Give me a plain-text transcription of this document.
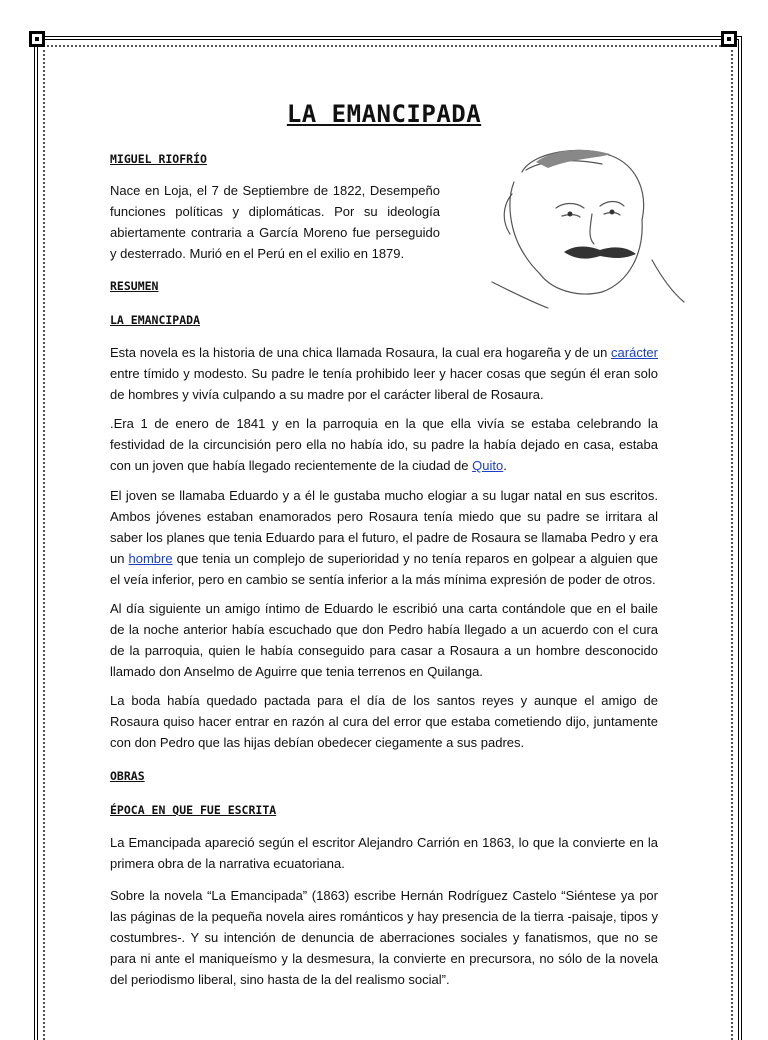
LA EMANCIPADA
MIGUEL RIOFRÍO

Nace en Loja, el 7 de Septiembre de 1822, Desempeño funciones políticas y diplomáticas. Por su ideología abiertamente contraria a García Moreno fue perseguido y desterrado. Murió en el Perú en el exilio en 1879.

RESUMEN
LA EMANCIPADA

Esta novela es la historia de una chica llamada Rosaura, la cual era hogareña y de un carácter entre tímido y modesto. Su padre le tenía prohibido leer y hacer cosas que según él eran solo de hombres y vivía culpando a su madre por el carácter liberal de Rosaura.

.Era 1 de enero de 1841 y en la parroquia en la que ella vivía se estaba celebrando la festividad de la circuncisión pero ella no había ido, su padre la había dejado en casa, estaba con un joven que había llegado recientemente de la ciudad de Quito.

El joven se llamaba Eduardo y a él le gustaba mucho elogiar a su lugar natal en sus escritos. Ambos jóvenes estaban enamorados pero Rosaura tenía miedo que su padre se irritara al saber los planes que tenia Eduardo para el futuro, el padre de Rosaura se llamaba Pedro y era un hombre que tenia un complejo de superioridad y no tenía reparos en golpear a alguien que el veía inferior, pero en cambio se sentía inferior a la más mínima expresión de poder de otros.

Al día siguiente un amigo íntimo de Eduardo le escribió una carta contándole que en el baile de la noche anterior había escuchado que don Pedro había llegado a un acuerdo con el cura de la parroquia, quien le había conseguido para casar a Rosaura a un hombre desconocido llamado don Anselmo de Aguirre que tenia terrenos en Quilanga.

La boda había quedado pactada para el día de los santos reyes y aunque el amigo de Rosaura quiso hacer entrar en razón al cura del error que estaba cometiendo dijo, juntamente con don Pedro que las hijas debían obedecer ciegamente a sus padres.

OBRAS
ÉPOCA EN QUE FUE ESCRITA

La Emancipada apareció según el escritor Alejandro Carrión en 1863, lo que la convierte en la primera obra de la narrativa ecuatoriana.

Sobre la novela “La Emancipada” (1863) escribe Hernán Rodríguez Castelo “Siéntese ya por las páginas de la pequeña novela aires románticos y hay presencia de la tierra -paisaje, tipos y costumbres-. Y su intención de denuncia de aberraciones sociales y fanatismos, que no se para ni ante el maniqueísmo y la desmesura, la convierte en precursora, no sólo de la novela del periodismo liberal, sino hasta de la del realismo social”.
